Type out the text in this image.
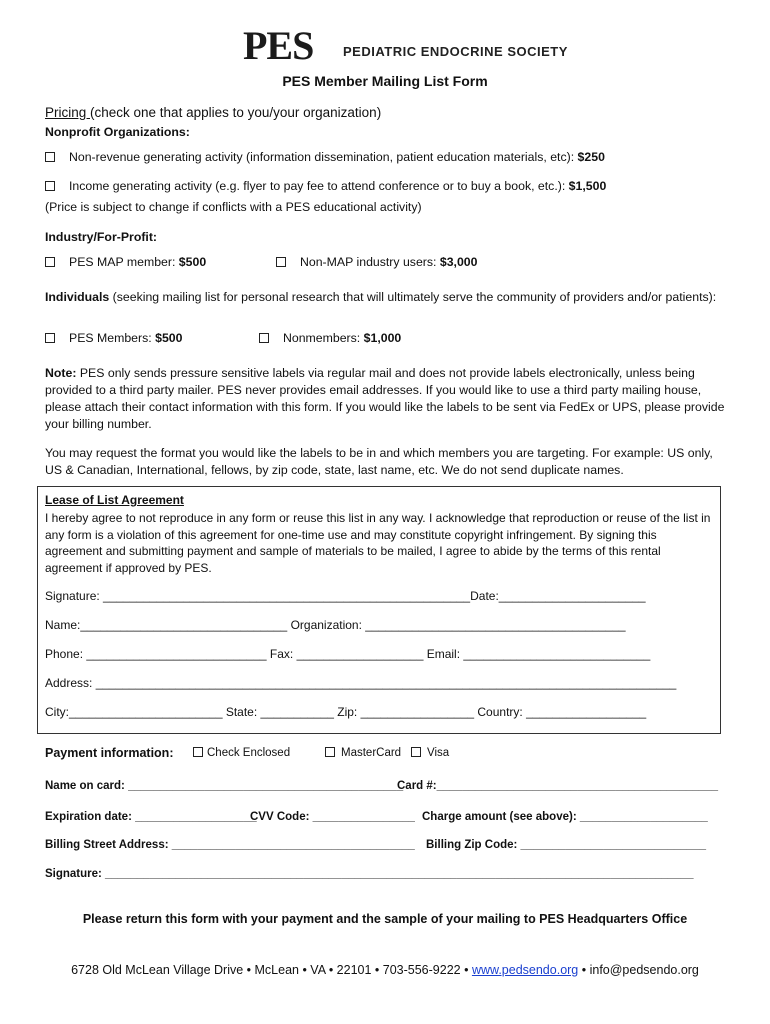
PES PEDIATRIC ENDOCRINE SOCIETY
PES Member Mailing List Form
Pricing (check one that applies to you/your organization)
Nonprofit Organizations:
Non-revenue generating activity (information dissemination, patient education materials, etc): $250
Income generating activity (e.g. flyer to pay fee to attend conference or to buy a book, etc.): $1,500
(Price is subject to change if conflicts with a PES educational activity)
Industry/For-Profit:
PES MAP member: $500	Non-MAP industry users: $3,000
Individuals (seeking mailing list for personal research that will ultimately serve the community of providers and/or patients):
PES Members: $500	Nonmembers: $1,000
Note: PES only sends pressure sensitive labels via regular mail and does not provide labels electronically, unless being provided to a third party mailer. PES never provides email addresses. If you would like to use a third party mailing house, please attach their contact information with this form. If you would like the labels to be sent via FedEx or UPS, please provide your billing number.
You may request the format you would like the labels to be in and which members you are targeting. For example: US only, US & Canadian, International, fellows, by zip code, state, last name, etc. We do not send duplicate names.
Lease of List Agreement
I hereby agree to not reproduce in any form or reuse this list in any way. I acknowledge that reproduction or reuse of the list in any form is a violation of this agreement for one-time use and may constitute copyright infringement. By signing this agreement and submitting payment and sample of materials to be mailed, I agree to abide by the terms of this rental agreement if approved by PES.
Signature: _______________________________________________________Date:______________________
Name:_______________________________ Organization: _______________________________________
Phone: ___________________________ Fax: ___________________ Email: ____________________________
Address: _______________________________________________________________________________________
City:_______________________ State: ___________ Zip: _________________ Country: __________________
Payment information:	Check Enclosed	MasterCard	Visa
Name on card: ___________________________________________
Card #:____________________________________________
Expiration date: ___________________
CVV Code: ________________ Charge amount (see above): ____________________
Billing Street Address: ______________________________________ Billing Zip Code: _____________________________
Signature: ____________________________________________________________________________________________
Please return this form with your payment and the sample of your mailing to PES Headquarters Office
6728 Old McLean Village Drive • McLean • VA • 22101 • 703-556-9222 • www.pedsendo.org • info@pedsendo.org
